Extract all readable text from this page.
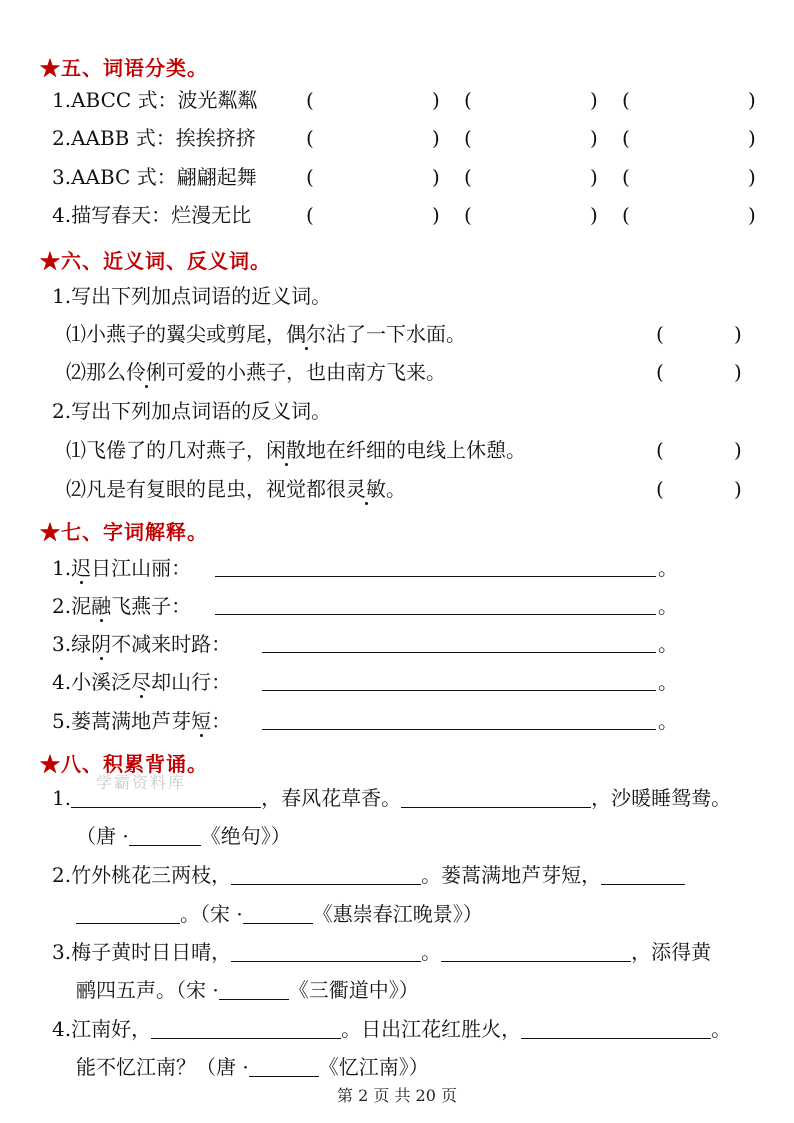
★五、词语分类。
1.ABCC 式：波光粼粼 (	) (	) (	)
2.AABB 式：挨挨挤挤	(	) (	) (	)
3.AABC 式：翩翩起舞 (	) (	) (	)
4.描写春天：烂漫无比	(	) (	) (	)
★六、近义词、反义词。
1.写出下列加点词语的近义词。
⑴小燕子的翼尖或剪尾，偶尔沾了一下水面。	(	)
⑵那么伶俐可爱的小燕子，也由南方飞来。	(	)
2.写出下列加点词语的反义词。
⑴飞倦了的几对燕子，闲散地在纤细的电线上休憩。	(	)
⑵凡是有复眼的昆虫，视觉都很灵敏。	(	)
★七、字词解释。
1.迟日江山丽：	。
2.泥融飞燕子：	。
3.绿阴不减来时路：	。
4.小溪泛尽却山行：	。
5.蒌蒿满地芦芽短：	。
★八、积累背诵。
学霸资料库
1.	，春风花草香。	，沙暖睡鸳鸯。
（唐 ·	《绝句》）
2.竹外桃花三两枝，	。蒌蒿满地芦芽短，
。（宋 ·	《惠崇春江晚景》）
3.梅子黄时日日晴，	。	，添得黄
鹂四五声。（宋 ·	《三衢道中》）
4.江南好，	。日出江花红胜火，	。
能不忆江南？（唐 ·	《忆江南》）
第 2 页 共 20 页
